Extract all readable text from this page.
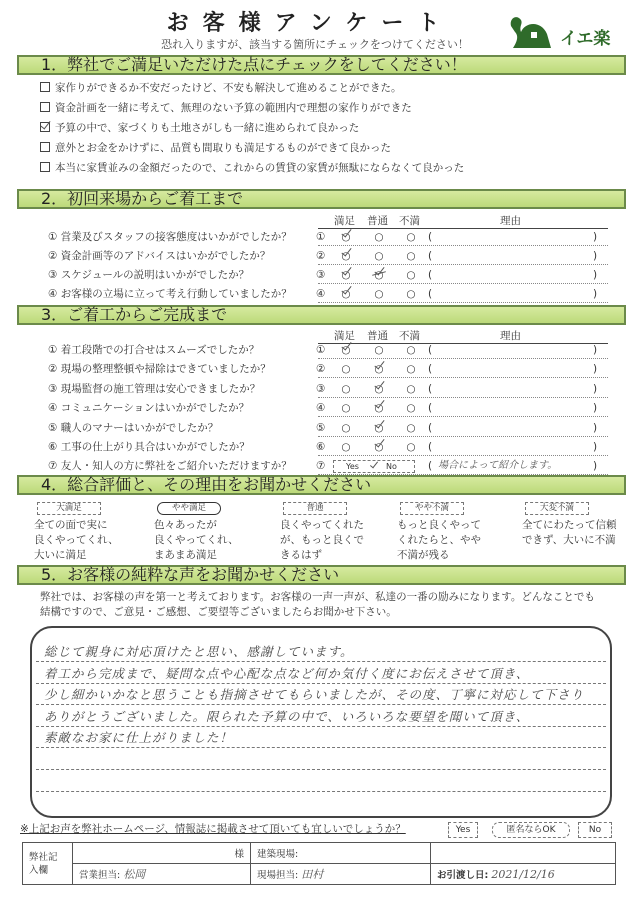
お客様アンケート
恐れ入りますが、該当する箇所にチェックをつけてください！	イエ楽
1．弊社でご満足いただけた点にチェックをしてください！
家作りができるか不安だったけど、不安も解決して進めることができた。
資金計画を一緒に考えて、無理のない予算の範囲内で理想の家作りができた
予算の中で、家づくりも土地さがしも一緒に進められて良かった
意外とお金をかけずに、品質も間取りも満足するものができて良かった
本当に家賃並みの金額だったので、これからの賃貸の家賃が無駄にならなくて良かった
2．初回来場からご着工まで
満足 普通 不満	理由
① 営業及びスタッフの接客態度はいかがでしたか？ ① ○ ○ ○ (	)
② 資金計画等のアドバイスはいかがでしたか？	② ○ ○ ○ (	)
③ スケジュールの説明はいかがでしたか？	③ ○ ○ ○ (	)
④ お客様の立場に立って考え行動していましたか？ ④ ○ ○ ○ (	)
3．ご着工からご完成まで
満足 普通 不満	理由
① 着工段階での打合せはスムーズでしたか？	① ○ ○ ○ (	)
② 現場の整理整頓や掃除はできていましたか？	② ○ ○ ○ (	)
③ 現場監督の施工管理は安心できましたか？	③ ○ ○ ○ (	)
④ コミュニケーションはいかがでしたか？	④ ○ ○ ○ (	)
⑤ 職人のマナーはいかがでしたか？	⑤ ○ ○ ○ (	)
⑥ 工事の仕上がり具合はいかがでしたか？	⑥ ○ ○ ○ (	)
⑦ 友人・知人の方に弊社をご紹介いただけますか？ ⑦	Yes	No	( 場合によって紹介します。	)
4．総合評価と、その理由をお聞かせください
大満足
全ての面で実に
良くやってくれ、
大いに満足
やや満足
色々あったが
良くやってくれ、
まあまあ満足
普通
良くやってくれた
が、もっと良くで
きるはず
やや不満
もっと良くやって
くれたらと、やや
不満が残る
大変不満
全てにわたって信頼
できず、大いに不満
5．お客様の純粋な声をお聞かせください
弊社では、お客様の声を第一と考えております。お客様の一声一声が、私達の一番の励みになります。どんなことでも結構ですので、ご意見・ご感想、ご要望等ございましたらお聞かせ下さい。
総じて親身に対応頂けたと思い、感謝しています。
着工から完成まで、疑問な点や心配な点など何か気付く度にお伝えさせて頂き、
少し細かいかなと思うことも指摘させてもらいましたが、その度、丁寧に対応して下さり
ありがとうございました。限られた予算の中で、いろいろな要望を聞いて頂き、
素敵なお家に仕上がりました！
※上記お声を弊社ホームページ、情報誌に掲載させて頂いても宜しいでしょうか？	Yes	匿名ならOK	No
弊社記入欄	様	建築現場:	
	営業担当: 松岡	現場担当: 田村	お引渡し日: 2021/12/16
